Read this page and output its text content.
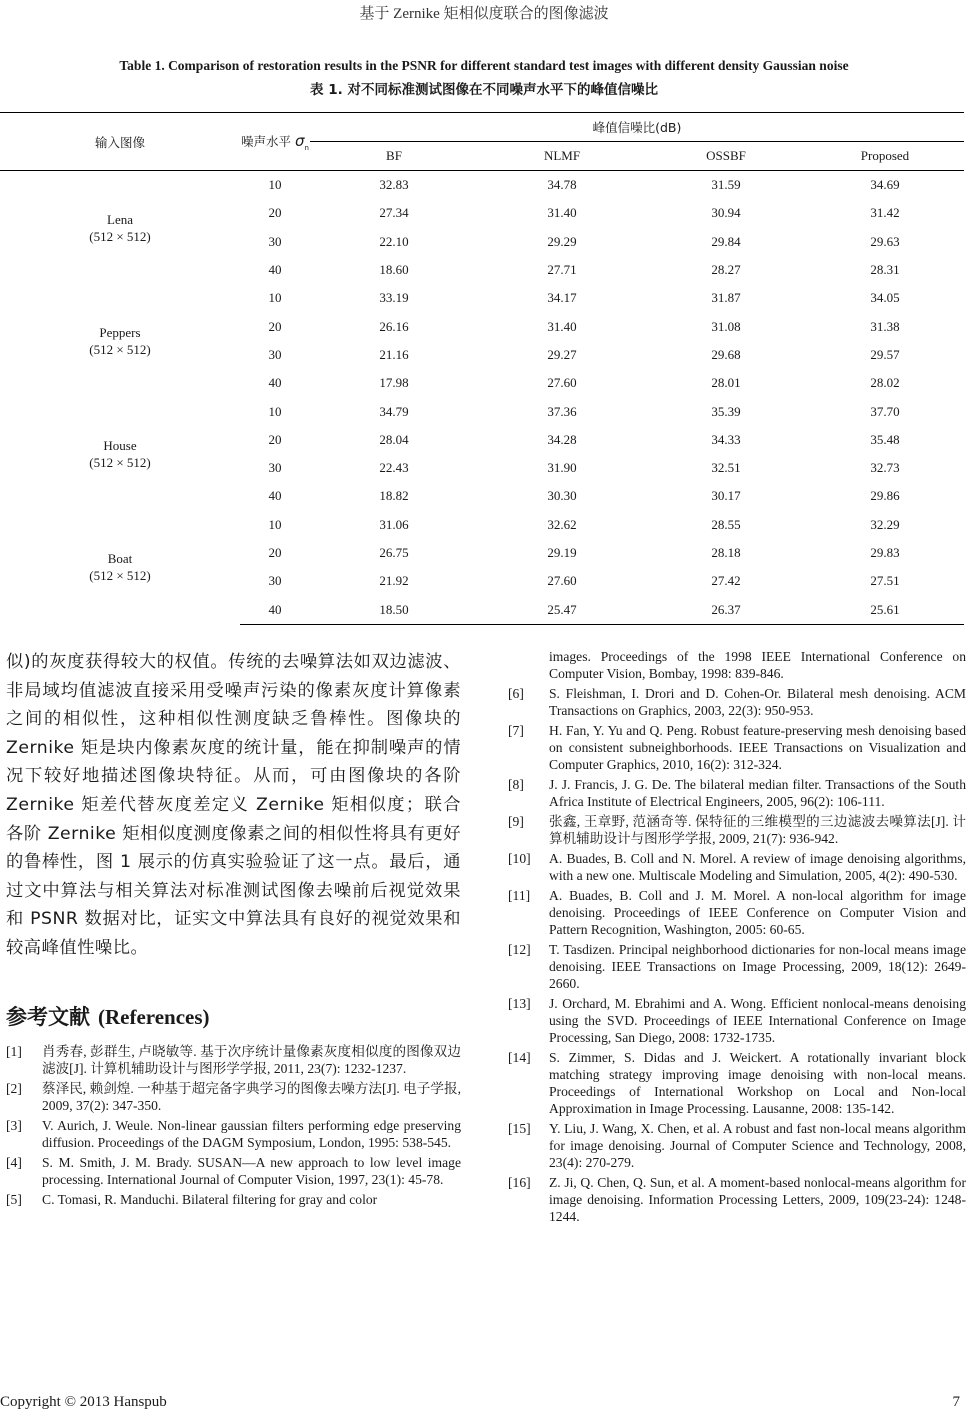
基于 Zernike 矩相似度联合的图像滤波
Table 1. Comparison of restoration results in the PSNR for different standard test images with different density Gaussian noise
表 1. 对不同标准测试图像在不同噪声水平下的峰值信噪比
输入图像	噪声水平 $\sigma_n$	峰值信噪比(dB)			
		BF	NLMF	OSSBF	Proposed

Lena
(512 × 512)	10	32.83	34.78	31.59	34.69
	20	27.34	31.40	30.94	31.42
	30	22.10	29.29	29.84	29.63
	40	18.60	27.71	28.27	28.31

Peppers
(512 × 512)	10	33.19	34.17	31.87	34.05
	20	26.16	31.40	31.08	31.38
	30	21.16	29.27	29.68	29.57
	40	17.98	27.60	28.01	28.02

House
(512 × 512)	10	34.79	37.36	35.39	37.70
	20	28.04	34.28	34.33	35.48
	30	22.43	31.90	32.51	32.73
	40	18.82	30.30	30.17	29.86

Boat
(512 × 512)	10	31.06	32.62	28.55	32.29
	20	26.75	29.19	28.18	29.83
	30	21.92	27.60	27.42	27.51
	40	18.50	25.47	26.37	25.61

似)的灰度获得较大的权值。传统的去噪算法如双边滤波、非局域均值滤波直接采用受噪声污染的像素灰度计算像素之间的相似性，这种相似性测度缺乏鲁棒性。图像块的 Zernike 矩是块内像素灰度的统计量，能在抑制噪声的情况下较好地描述图像块特征。从而，可由图像块的各阶 Zernike 矩差代替灰度差定义 Zernike 矩相似度；联合各阶 Zernike 矩相似度测度像素之间的相似性将具有更好的鲁棒性，图 1 展示的仿真实验验证了这一点。最后，通过文中算法与相关算法对标准测试图像去噪前后视觉效果和 PSNR 数据对比，证实文中算法具有良好的视觉效果和较高峰值性噪比。

参考文献 (References)
[1]	肖秀春, 彭群生, 卢晓敏等. 基于次序统计量像素灰度相似度的图像双边滤波[J]. 计算机辅助设计与图形学学报, 2011, 23(7): 1232-1237.
[2]	蔡泽民, 赖剑煌. 一种基于超完备字典学习的图像去噪方法[J]. 电子学报, 2009, 37(2): 347-350.
[3]	V. Aurich, J. Weule. Non-linear gaussian filters performing edge preserving diffusion. Proceedings of the DAGM Symposium, London, 1995: 538-545.
[4]	S. M. Smith, J. M. Brady. SUSAN—A new approach to low level image processing. International Journal of Computer Vision, 1997, 23(1): 45-78.
[5]	C. Tomasi, R. Manduchi. Bilateral filtering for gray and color
images. Proceedings of the 1998 IEEE International Conference on Computer Vision, Bombay, 1998: 839-846.
[6]	S. Fleishman, I. Drori and D. Cohen-Or. Bilateral mesh denoising. ACM Transactions on Graphics, 2003, 22(3): 950-953.
[7]	H. Fan, Y. Yu and Q. Peng. Robust feature-preserving mesh denoising based on consistent subneighborhoods. IEEE Transactions on Visualization and Computer Graphics, 2010, 16(2): 312-324.
[8]	J. J. Francis, J. G. De. The bilateral median filter. Transactions of the South Africa Institute of Electrical Engineers, 2005, 96(2): 106-111.
[9]	张鑫, 王章野, 范涵奇等. 保特征的三维模型的三边滤波去噪算法[J]. 计算机辅助设计与图形学学报, 2009, 21(7): 936-942.
[10]	A. Buades, B. Coll and N. Morel. A review of image denoising algorithms, with a new one. Multiscale Modeling and Simulation, 2005, 4(2): 490-530.
[11]	A. Buades, B. Coll and J. M. Morel. A non-local algorithm for image denoising. Proceedings of IEEE Conference on Computer Vision and Pattern Recognition, Washington, 2005: 60-65.
[12]	T. Tasdizen. Principal neighborhood dictionaries for non-local means image denoising. IEEE Transactions on Image Processing, 2009, 18(12): 2649-2660.
[13]	J. Orchard, M. Ebrahimi and A. Wong. Efficient nonlocal-means denoising using the SVD. Proceedings of IEEE International Conference on Image Processing, San Diego, 2008: 1732-1735.
[14]	S. Zimmer, S. Didas and J. Weickert. A rotationally invariant block matching strategy improving image denoising with non-local means. Proceedings of International Workshop on Local and Non-local Approximation in Image Processing. Lausanne, 2008: 135-142.
[15]	Y. Liu, J. Wang, X. Chen, et al. A robust and fast non-local means algorithm for image denoising. Journal of Computer Science and Technology, 2008, 23(4): 270-279.
[16]	Z. Ji, Q. Chen, Q. Sun, et al. A moment-based nonlocal-means algorithm for image denoising. Information Processing Letters, 2009, 109(23-24): 1248-1244.
Copyright © 2013 Hanspub	7
